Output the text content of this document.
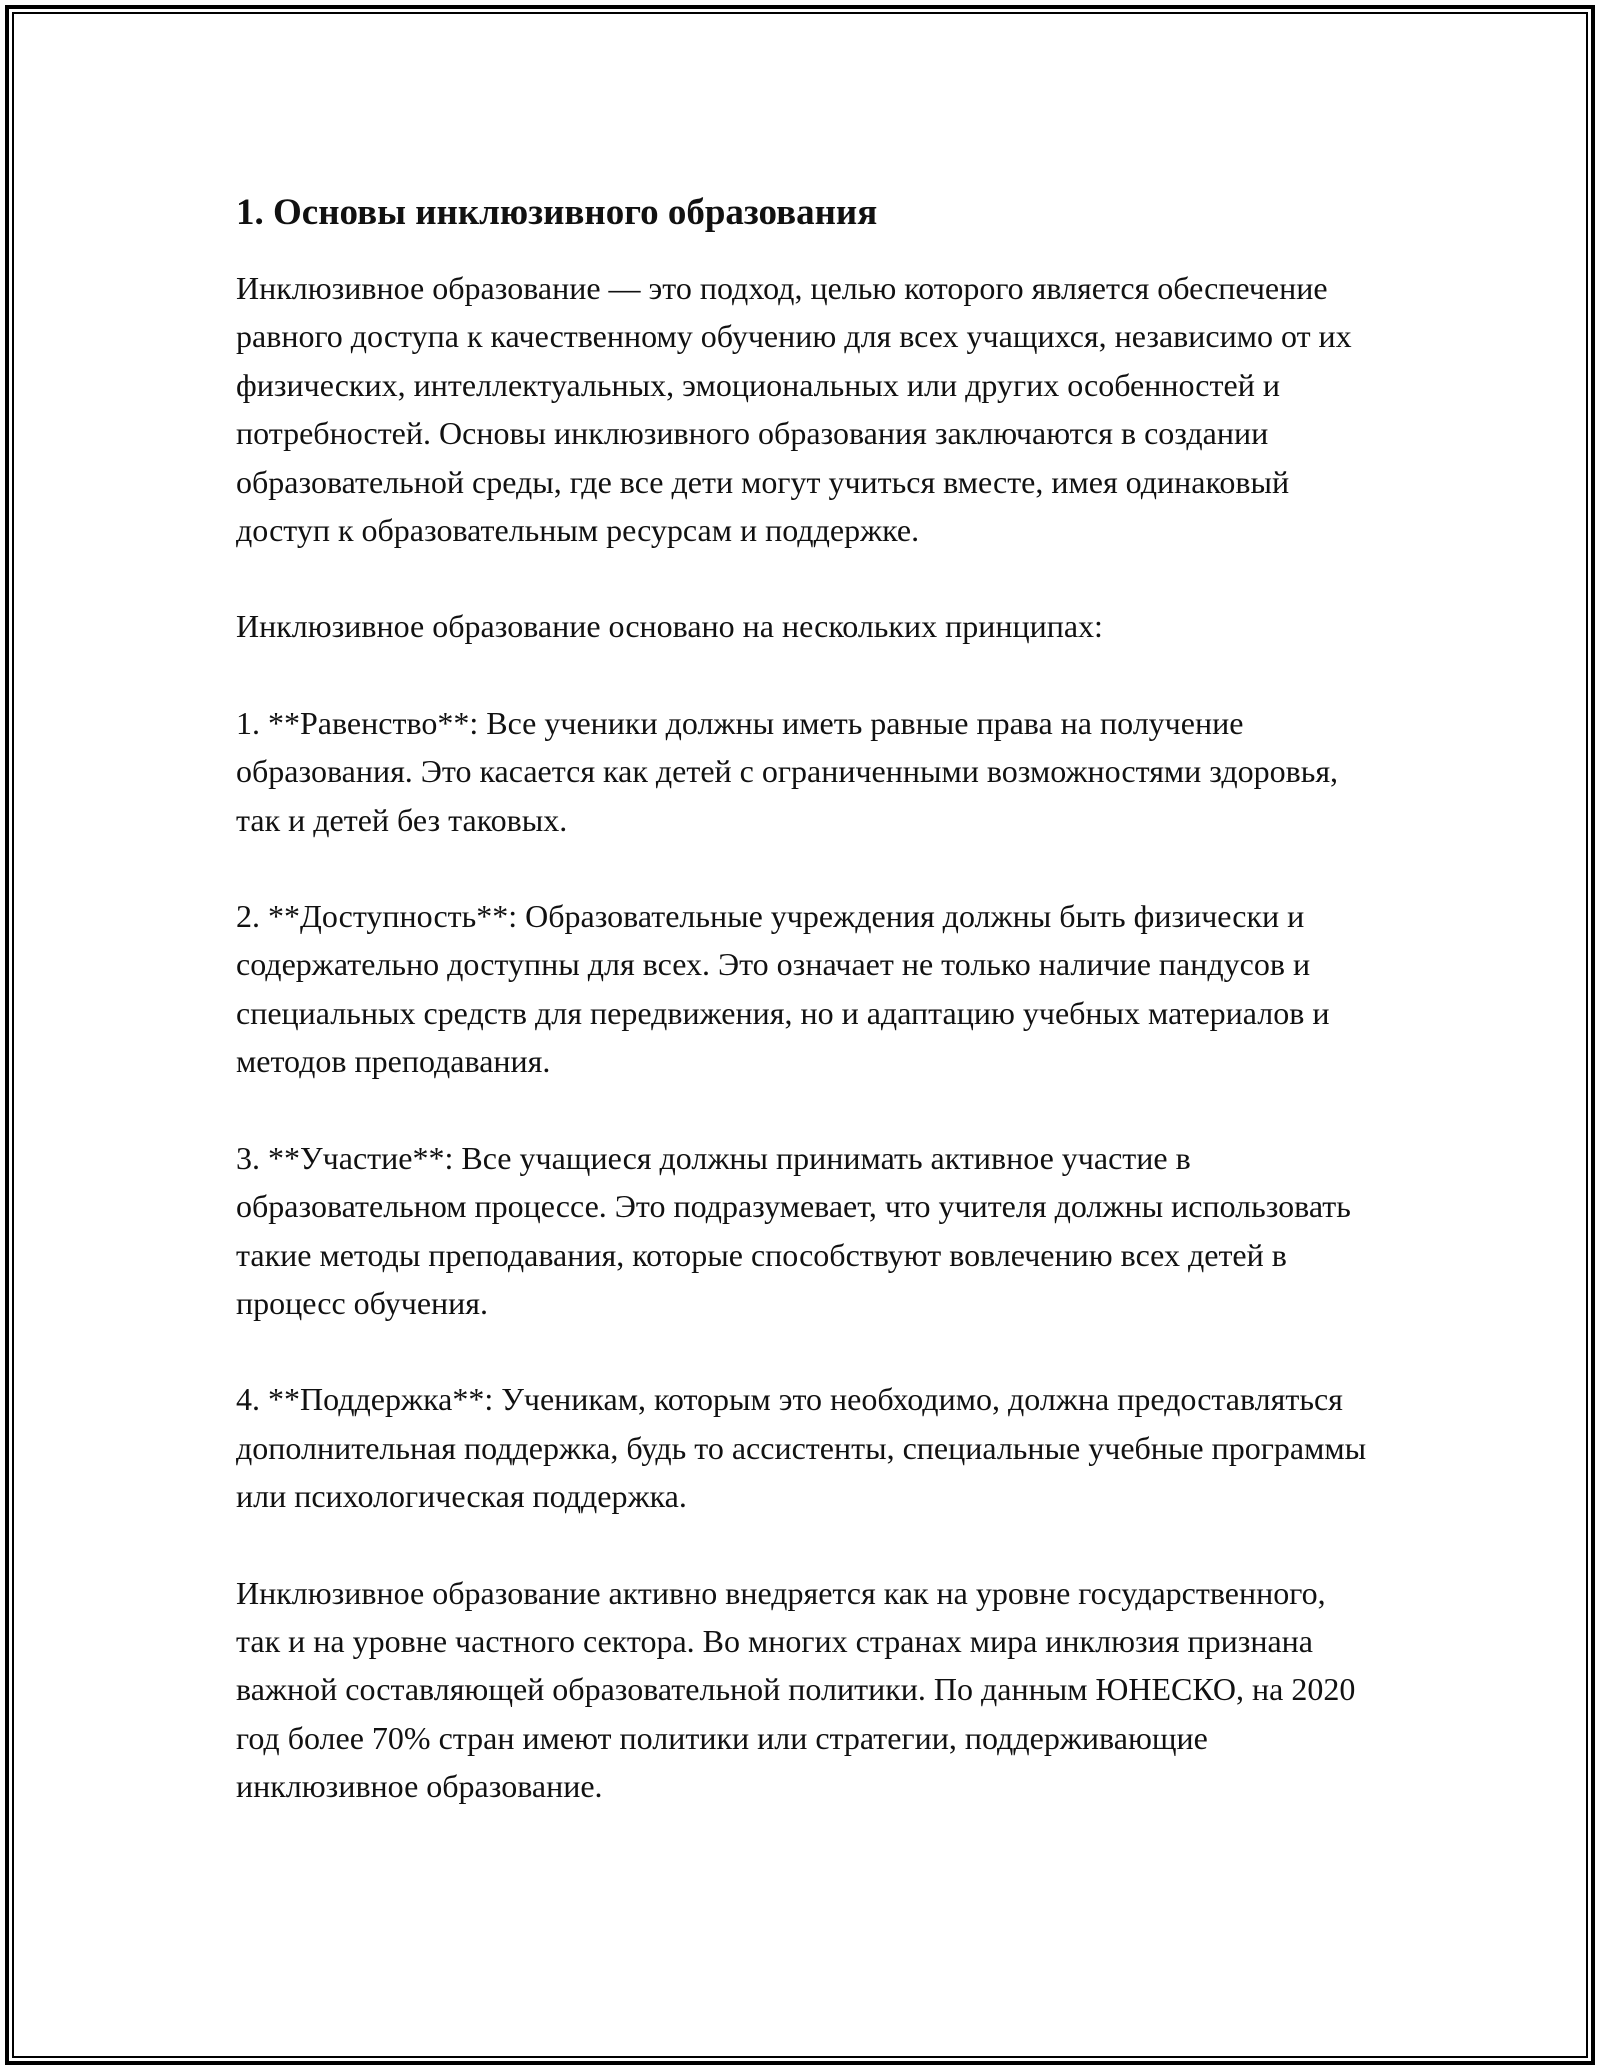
1. Основы инклюзивного образования

Инклюзивное образование — это подход, целью которого является обеспечение равного доступа к качественному обучению для всех учащихся, независимо от их физических, интеллектуальных, эмоциональных или других особенностей и потребностей. Основы инклюзивного образования заключаются в создании образовательной среды, где все дети могут учиться вместе, имея одинаковый доступ к образовательным ресурсам и поддержке.

Инклюзивное образование основано на нескольких принципах:

1. **Равенство**: Все ученики должны иметь равные права на получение образования. Это касается как детей с ограниченными возможностями здоровья, так и детей без таковых.

2. **Доступность**: Образовательные учреждения должны быть физически и содержательно доступны для всех. Это означает не только наличие пандусов и специальных средств для передвижения, но и адаптацию учебных материалов и методов преподавания.

3. **Участие**: Все учащиеся должны принимать активное участие в образовательном процессе. Это подразумевает, что учителя должны использовать такие методы преподавания, которые способствуют вовлечению всех детей в процесс обучения.

4. **Поддержка**: Ученикам, которым это необходимо, должна предоставляться дополнительная поддержка, будь то ассистенты, специальные учебные программы или психологическая поддержка.

Инклюзивное образование активно внедряется как на уровне государственного, так и на уровне частного сектора. Во многих странах мира инклюзия признана важной составляющей образовательной политики. По данным ЮНЕСКО, на 2020 год более 70% стран имеют политики или стратегии, поддерживающие инклюзивное образование.
